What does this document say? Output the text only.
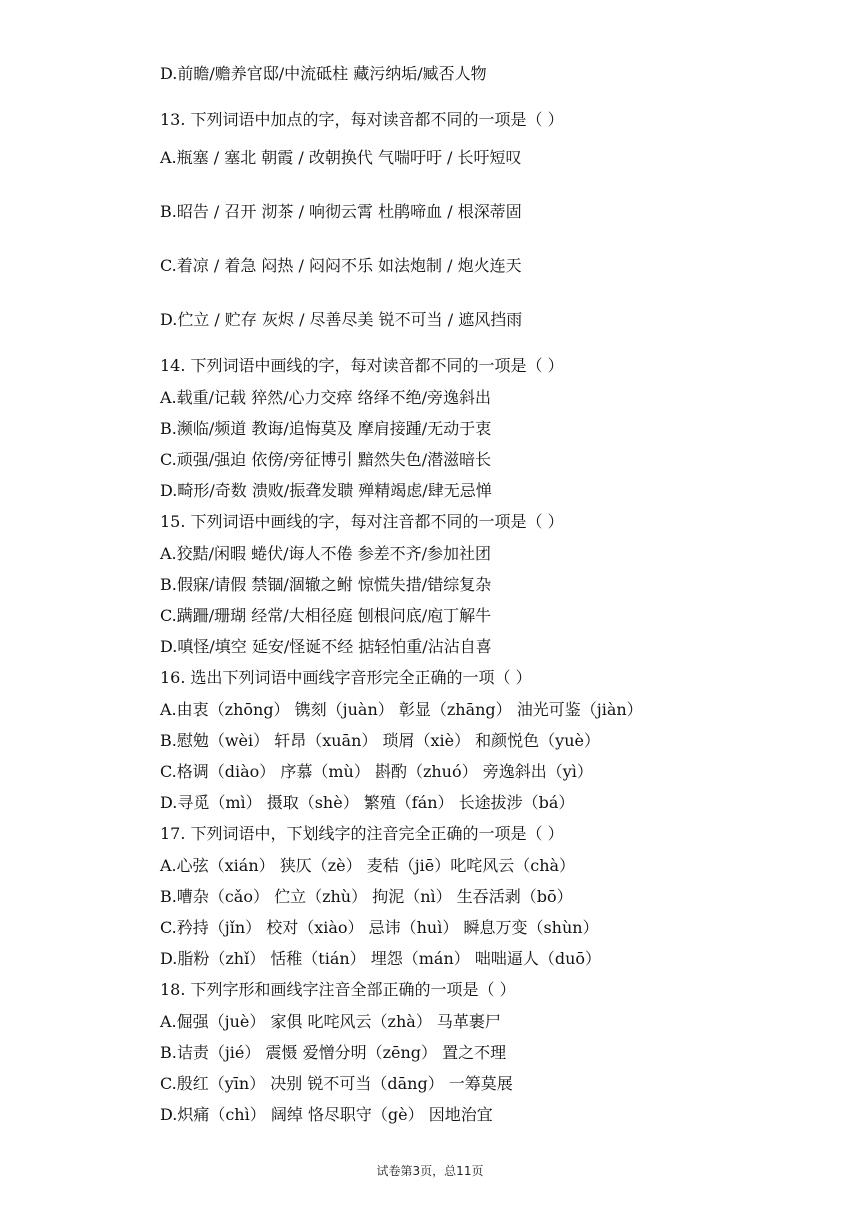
D.前瞻/赡养官邸/中流砥柱 藏污纳垢/臧否人物
13. 下列词语中加点的字，每对读音都不同的一项是（ ）
A.瓶塞 / 塞北 朝霞 / 改朝换代 气喘吁吁 / 长吁短叹
B.昭告 / 召开 沏茶 / 响彻云霄 杜鹃啼血 / 根深蒂固
C.着凉 / 着急 闷热 / 闷闷不乐 如法炮制 / 炮火连天
D.伫立 / 贮存 灰烬 / 尽善尽美 锐不可当 / 遮风挡雨
14. 下列词语中画线的字，每对读音都不同的一项是（ ）
A.载重/记载 猝然/心力交瘁 络绎不绝/旁逸斜出
B.濒临/频道 教诲/追悔莫及 摩肩接踵/无动于衷
C.顽强/强迫 依傍/旁征博引 黯然失色/潜滋暗长
D.畸形/奇数 溃败/振聋发聩 殚精竭虑/肆无忌惮
15. 下列词语中画线的字，每对注音都不同的一项是（ ）
A.狡黠/闲暇 蜷伏/诲人不倦 参差不齐/参加社团
B.假寐/请假 禁锢/涸辙之鲋 惊慌失措/错综复杂
C.蹒跚/珊瑚 经常/大相径庭 刨根问底/庖丁解牛
D.嗔怪/填空 延安/怪诞不经 掂轻怕重/沾沾自喜
16. 选出下列词语中画线字音形完全正确的一项（ ）
A.由衷（zhōng） 镌刻（juàn） 彰显（zhāng） 油光可鉴（jiàn）
B.慰勉（wèi） 轩昂（xuān） 琐屑（xiè） 和颜悦色（yuè）
C.格调（diào） 序慕（mù） 斟酌（zhuó） 旁逸斜出（yì）
D.寻觅（mì） 摄取（shè） 繁殖（fán） 长途拔涉（bá）
17. 下列词语中，下划线字的注音完全正确的一项是（ ）
A.心弦（xián） 狭仄（zè） 麦秸（jiē）叱咤风云（chà）
B.嘈杂（cǎo） 伫立（zhù） 拘泥（nì） 生吞活剥（bō）
C.矜持（jǐn） 校对（xiào） 忌讳（huì） 瞬息万变（shùn）
D.脂粉（zhǐ） 恬稚（tián） 埋怨（mán） 咄咄逼人（duō）
18. 下列字形和画线字注音全部正确的一项是（ ）
A.倔强（juè） 家俱 叱咤风云（zhà） 马革裹尸
B.诘责（jié） 震慑 爱憎分明（zēng） 置之不理
C.殷红（yīn） 决别 锐不可当（dāng） 一筹莫展
D.炽痛（chì） 阔绰 恪尽职守（gè） 因地治宜
试卷第3页，总11页
